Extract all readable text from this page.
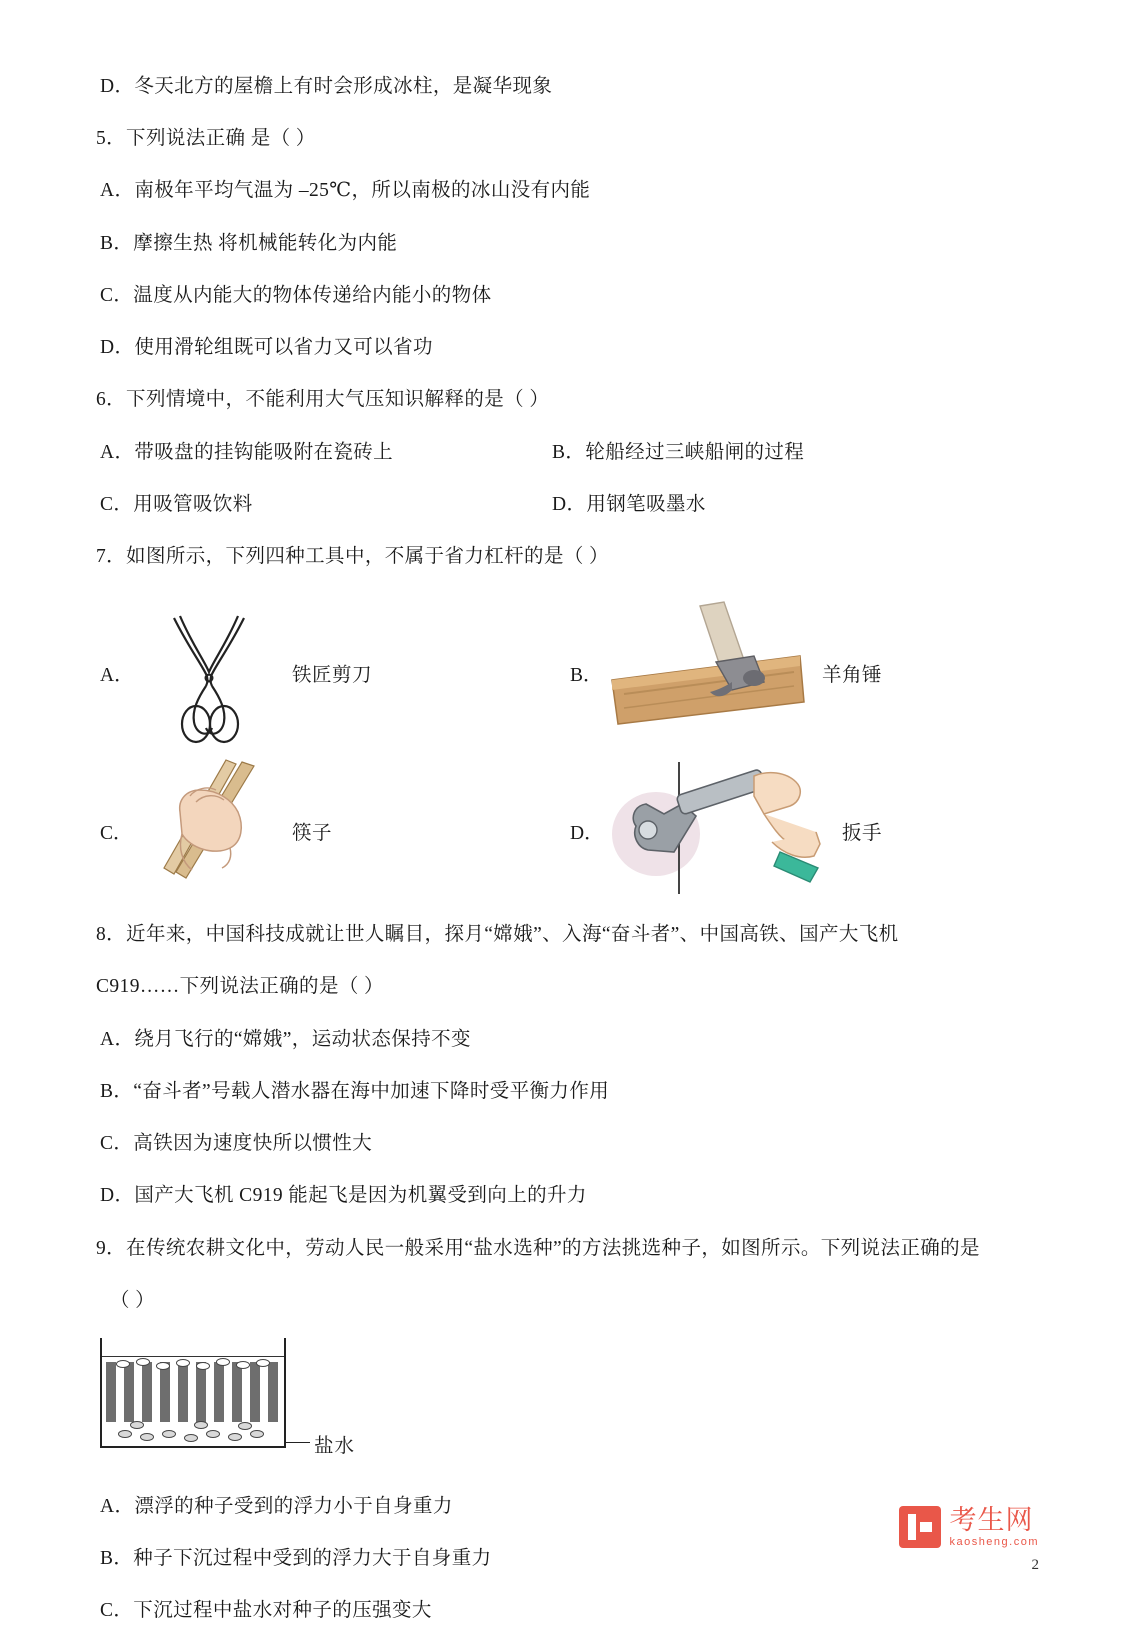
D．冬天北方的屋檐上有时会形成冰柱，是凝华现象

5．下列说法正确 是（ ）

A．南极年平均气温为 –25℃，所以南极的冰山没有内能

B．摩擦生热 将机械能转化为内能

C．温度从内能大的物体传递给内能小的物体

D．使用滑轮组既可以省力又可以省功

6．下列情境中，不能利用大气压知识解释的是（ ）

A．带吸盘的挂钩能吸附在瓷砖上	B．轮船经过三峡船闸的过程
C．用吸管吸饮料	D．用钢笔吸墨水

7．如图所示，下列四种工具中，不属于省力杠杆的是（ ）

A．	铁匠剪刀	B．	羊角锤
C．	筷子	D．	扳手

8．近年来，中国科技成就让世人瞩目，探月“嫦娥”、入海“奋斗者”、中国高铁、国产大飞机

C919……下列说法正确的是（ ）

A．绕月飞行的“嫦娥”，运动状态保持不变

B．“奋斗者”号载人潜水器在海中加速下降时受平衡力作用

C．高铁因为速度快所以惯性大

D．国产大飞机 C919 能起飞是因为机翼受到向上的升力

9．在传统农耕文化中，劳动人民一般采用“盐水选种”的方法挑选种子，如图所示。下列说法正确的是

（ ）

盐水

A．漂浮的种子受到的浮力小于自身重力

B．种子下沉过程中受到的浮力大于自身重力

C．下沉过程中盐水对种子的压强变大

考生网
kaosheng.com
2
